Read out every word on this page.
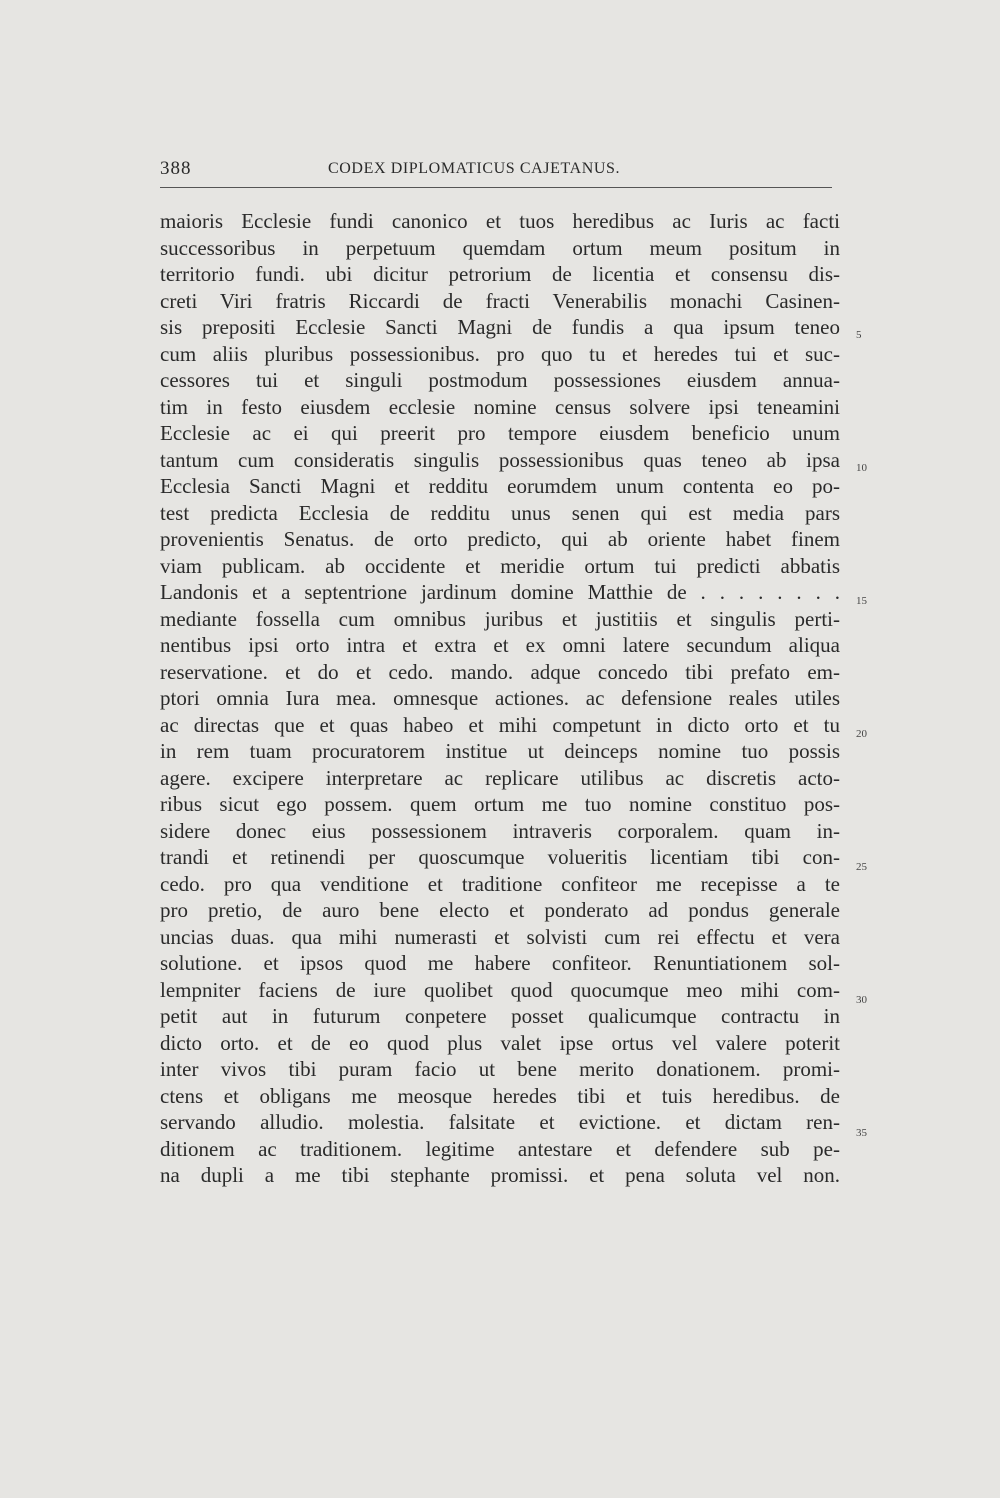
388	CODEX DIPLOMATICUS CAJETANUS.
maioris Ecclesie fundi canonico et tuos heredibus ac Iuris ac facti
successoribus in perpetuum quemdam ortum meum positum in
territorio fundi. ubi dicitur petrorium de licentia et consensu dis-
creti Viri fratris Riccardi de fracti Venerabilis monachi Casinen-
sis prepositi Ecclesie Sancti Magni de fundis a qua ipsum teneo
cum aliis pluribus possessionibus. pro quo tu et heredes tui et suc-
cessores tui et singuli postmodum possessiones eiusdem annua-
tim in festo eiusdem ecclesie nomine census solvere ipsi teneamini
Ecclesie ac ei qui preerit pro tempore eiusdem beneficio unum
tantum cum consideratis singulis possessionibus quas teneo ab ipsa
Ecclesia Sancti Magni et redditu eorumdem unum contenta eo po-
test predicta Ecclesia de redditu unus senen qui est media pars
provenientis Senatus. de orto predicto, qui ab oriente habet finem
viam publicam. ab occidente et meridie ortum tui predicti abbatis
Landonis et a septentrione jardinum domine Matthie de . . . . . . . .
mediante fossella cum omnibus juribus et justitiis et singulis perti-
nentibus ipsi orto intra et extra et ex omni latere secundum aliqua
reservatione. et do et cedo. mando. adque concedo tibi prefato em-
ptori omnia Iura mea. omnesque actiones. ac defensione reales utiles
ac directas que et quas habeo et mihi competunt in dicto orto et tu
in rem tuam procuratorem institue ut deinceps nomine tuo possis
agere. excipere interpretare ac replicare utilibus ac discretis acto-
ribus sicut ego possem. quem ortum me tuo nomine constituo pos-
sidere donec eius possessionem intraveris corporalem. quam in-
trandi et retinendi per quoscumque volueritis licentiam tibi con-
cedo. pro qua venditione et traditione confiteor me recepisse a te
pro pretio, de auro bene electo et ponderato ad pondus generale
uncias duas. qua mihi numerasti et solvisti cum rei effectu et vera
solutione. et ipsos quod me habere confiteor. Renuntiationem sol-
lempniter faciens de iure quolibet quod quocumque meo mihi com-
petit aut in futurum conpetere posset qualicumque contractu in
dicto orto. et de eo quod plus valet ipse ortus vel valere poterit
inter vivos tibi puram facio ut bene merito donationem. promi-
ctens et obligans me meosque heredes tibi et tuis heredibus. de
servando alludio. molestia. falsitate et evictione. et dictam ren-
ditionem ac traditionem. legitime antestare et defendere sub pe-
na dupli a me tibi stephante promissi. et pena soluta vel non.
5
10
15
20
25
30
35
